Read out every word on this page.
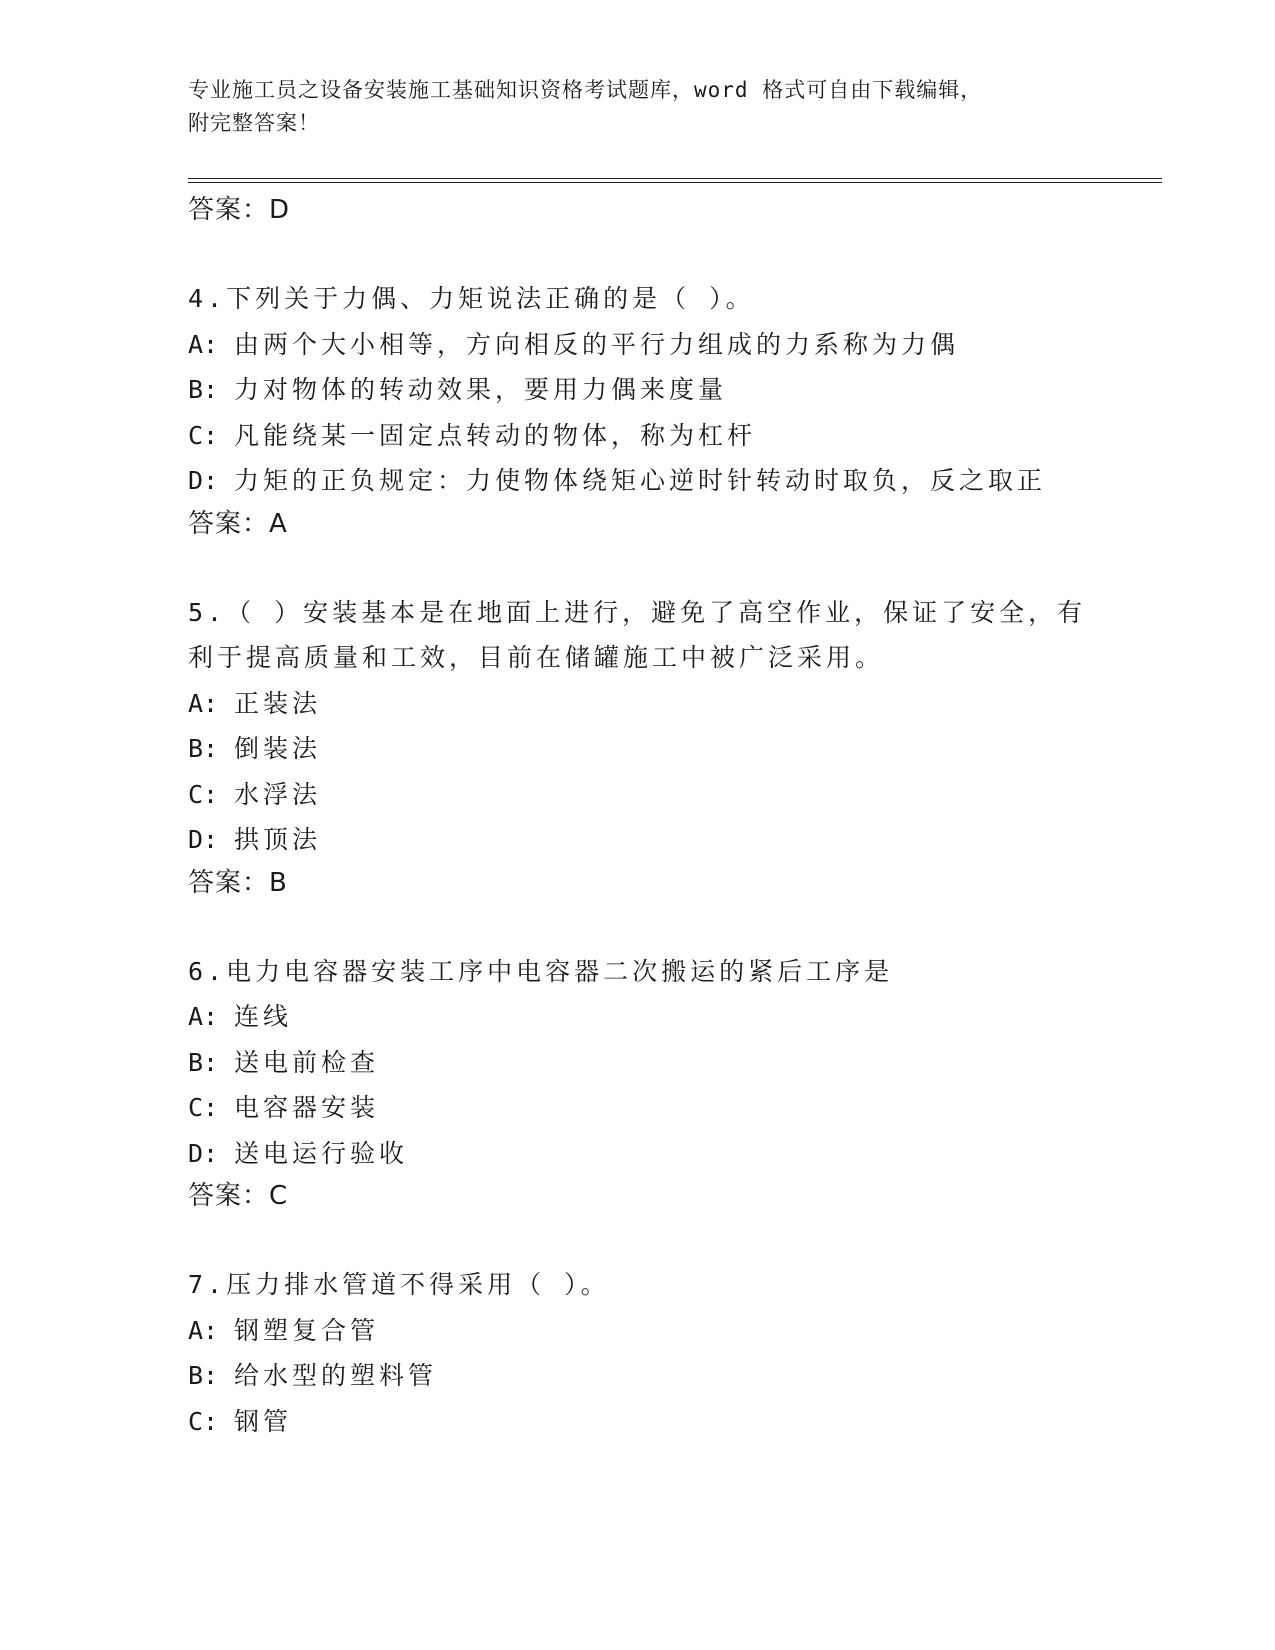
专业施工员之设备安装施工基础知识资格考试题库，word 格式可自由下载编辑，
附完整答案！
答案：D
4.下列关于力偶、力矩说法正确的是（ ）。
A: 由两个大小相等，方向相反的平行力组成的力系称为力偶
B: 力对物体的转动效果，要用力偶来度量
C: 凡能绕某一固定点转动的物体，称为杠杆
D: 力矩的正负规定：力使物体绕矩心逆时针转动时取负，反之取正
答案：A
5.（ ）安装基本是在地面上进行，避免了高空作业，保证了安全，有
利于提高质量和工效，目前在储罐施工中被广泛采用。
A: 正装法
B: 倒装法
C: 水浮法
D: 拱顶法
答案：B
6.电力电容器安装工序中电容器二次搬运的紧后工序是
A: 连线
B: 送电前检查
C: 电容器安装
D: 送电运行验收
答案：C
7.压力排水管道不得采用（ ）。
A: 钢塑复合管
B: 给水型的塑料管
C: 钢管
